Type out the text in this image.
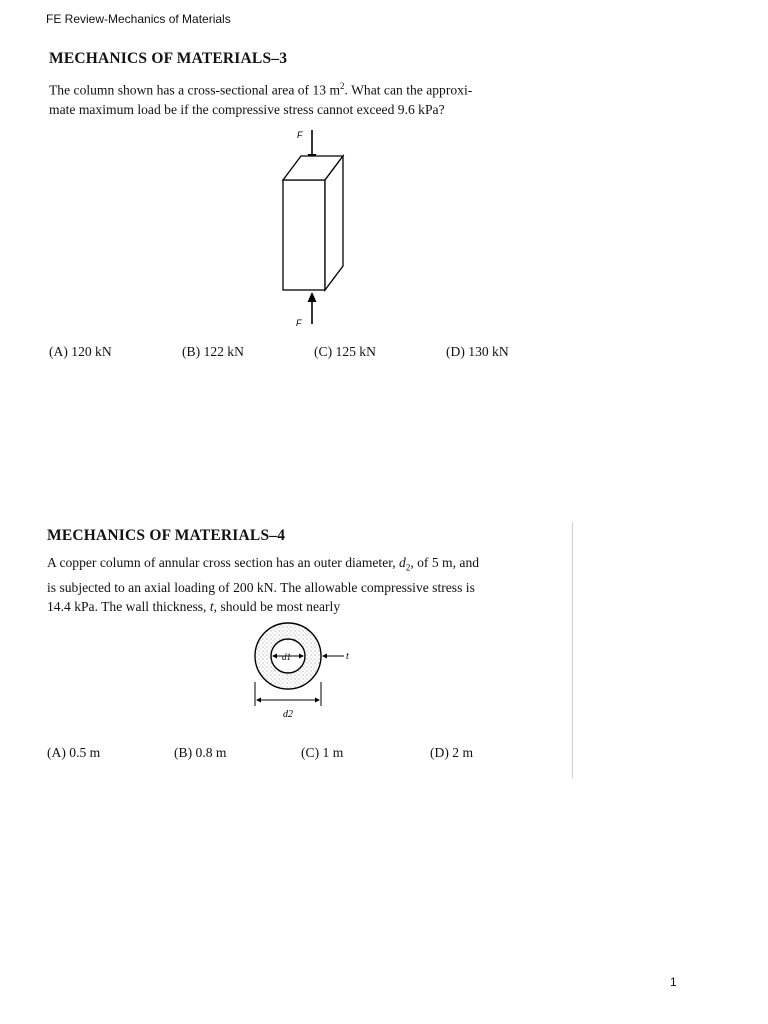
FE Review-Mechanics of Materials
MECHANICS OF MATERIALS–3
The column shown has a cross-sectional area of 13 $m^2$. What can the approxi-
mate maximum load be if the compressive stress cannot exceed 9.6 kPa?
F
F
(A) 120 kN	(B) 122 kN	(C) 125 kN	(D) 130 kN
MECHANICS OF MATERIALS–4
A copper column of annular cross section has an outer diameter, $d_2$, of 5 m, and
is subjected to an axial loading of 200 kN. The allowable compressive stress is
14.4 kPa. The wall thickness, t, should be most nearly
d1	t
d2
(A) 0.5 m	(B) 0.8 m	(C) 1 m	(D) 2 m
1
